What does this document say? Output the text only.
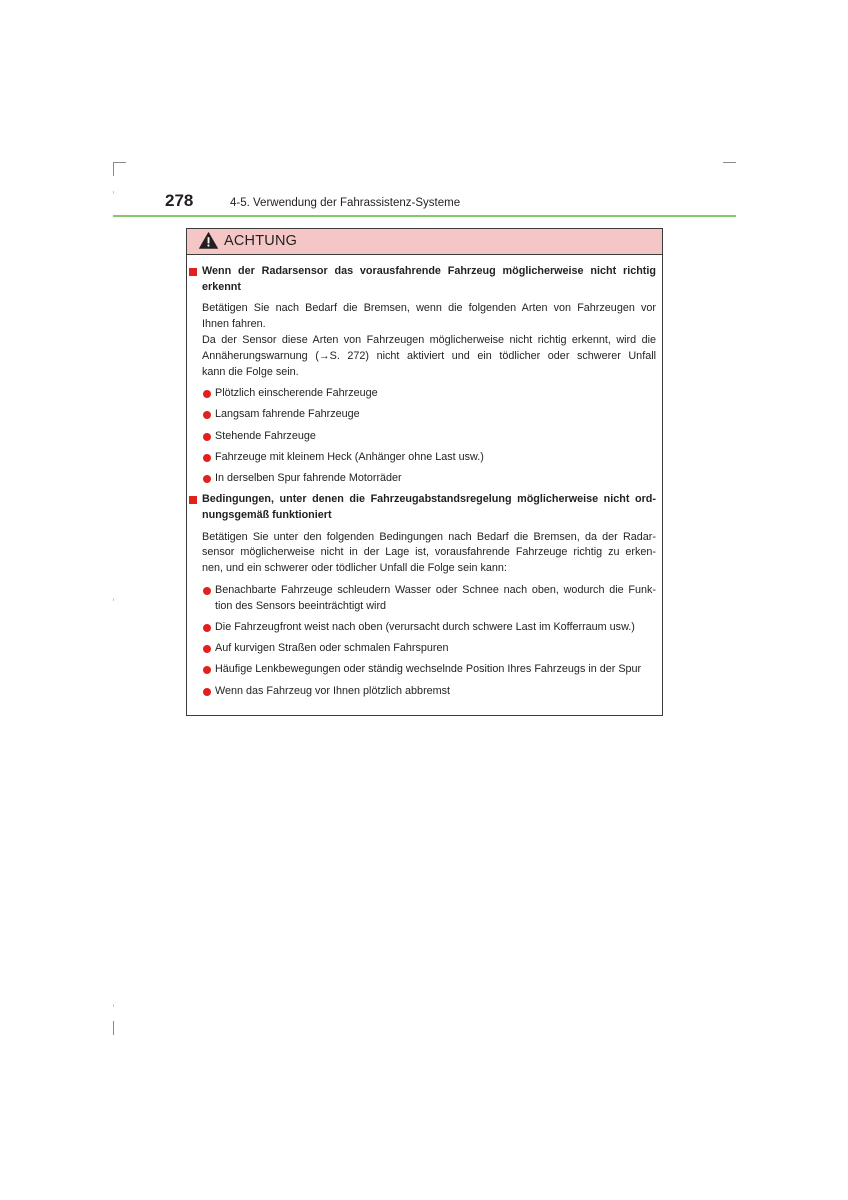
278	4-5. Verwendung der Fahrassistenz-Systeme
ACHTUNG
Wenn der Radarsensor das vorausfahrende Fahrzeug möglicherweise nicht richtig
erkennt
Betätigen Sie nach Bedarf die Bremsen, wenn die folgenden Arten von Fahrzeugen vor
Ihnen fahren.
Da der Sensor diese Arten von Fahrzeugen möglicherweise nicht richtig erkennt, wird die
Annäherungswarnung (→S. 272) nicht aktiviert und ein tödlicher oder schwerer Unfall
kann die Folge sein.
Plötzlich einscherende Fahrzeuge
Langsam fahrende Fahrzeuge
Stehende Fahrzeuge
Fahrzeuge mit kleinem Heck (Anhänger ohne Last usw.)
In derselben Spur fahrende Motorräder
Bedingungen, unter denen die Fahrzeugabstandsregelung möglicherweise nicht ord-
nungsgemäß funktioniert
Betätigen Sie unter den folgenden Bedingungen nach Bedarf die Bremsen, da der Radar-
sensor möglicherweise nicht in der Lage ist, vorausfahrende Fahrzeuge richtig zu erken-
nen, und ein schwerer oder tödlicher Unfall die Folge sein kann:
Benachbarte Fahrzeuge schleudern Wasser oder Schnee nach oben, wodurch die Funk-
tion des Sensors beeinträchtigt wird
Die Fahrzeugfront weist nach oben (verursacht durch schwere Last im Kofferraum usw.)
Auf kurvigen Straßen oder schmalen Fahrspuren
Häufige Lenkbewegungen oder ständig wechselnde Position Ihres Fahrzeugs in der Spur
Wenn das Fahrzeug vor Ihnen plötzlich abbremst
